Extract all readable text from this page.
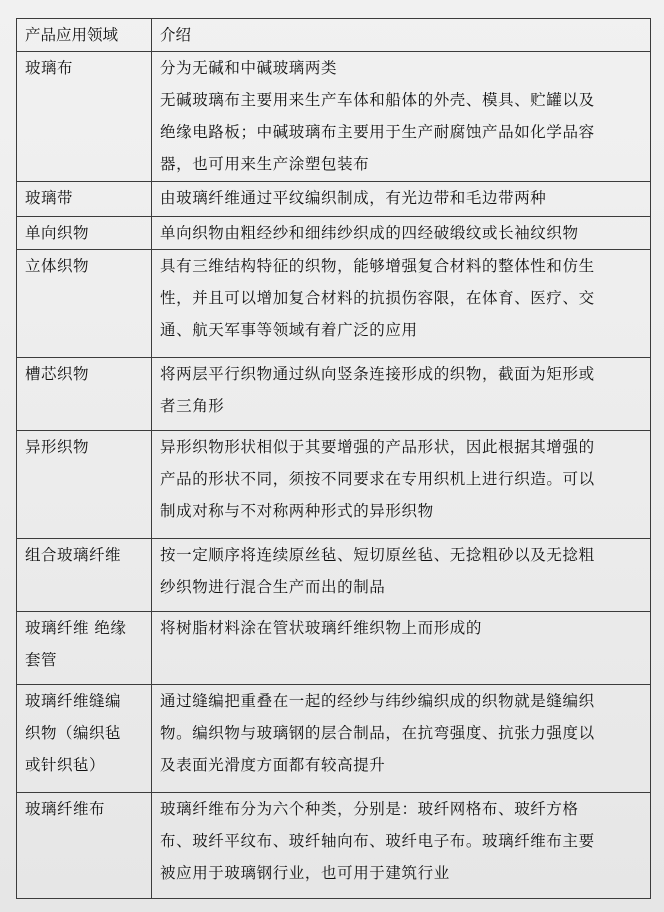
产品应用领域	介绍

玻璃布	分为无碱和中碱玻璃两类
无碱玻璃布主要用来生产车体和船体的外壳、模具、贮罐以及
绝缘电路板；中碱玻璃布主要用于生产耐腐蚀产品如化学品容
器，也可用来生产涂塑包装布

玻璃带	由玻璃纤维通过平纹编织制成，有光边带和毛边带两种

单向织物	单向织物由粗经纱和细纬纱织成的四经破缎纹或长袖纹织物

立体织物	具有三维结构特征的织物，能够增强复合材料的整体性和仿生
性，并且可以增加复合材料的抗损伤容限，在体育、医疗、交
通、航天军事等领域有着广泛的应用

槽芯织物	将两层平行织物通过纵向竖条连接形成的织物，截面为矩形或
者三角形

异形织物	异形织物形状相似于其要增强的产品形状，因此根据其增强的
产品的形状不同，须按不同要求在专用织机上进行织造。可以
制成对称与不对称两种形式的异形织物

组合玻璃纤维	按一定顺序将连续原丝毡、短切原丝毡、无捻粗砂以及无捻粗
纱织物进行混合生产而出的制品

玻璃纤维 绝缘
套管	将树脂材料涂在管状玻璃纤维织物上而形成的

玻璃纤维缝编
织物（编织毡
或针织毡）	通过缝编把重叠在一起的经纱与纬纱编织成的织物就是缝编织
物。编织物与玻璃钢的层合制品，在抗弯强度、抗张力强度以
及表面光滑度方面都有较高提升

玻璃纤维布	玻璃纤维布分为六个种类，分别是：玻纤网格布、玻纤方格
布、玻纤平纹布、玻纤轴向布、玻纤电子布。玻璃纤维布主要
被应用于玻璃钢行业，也可用于建筑行业
